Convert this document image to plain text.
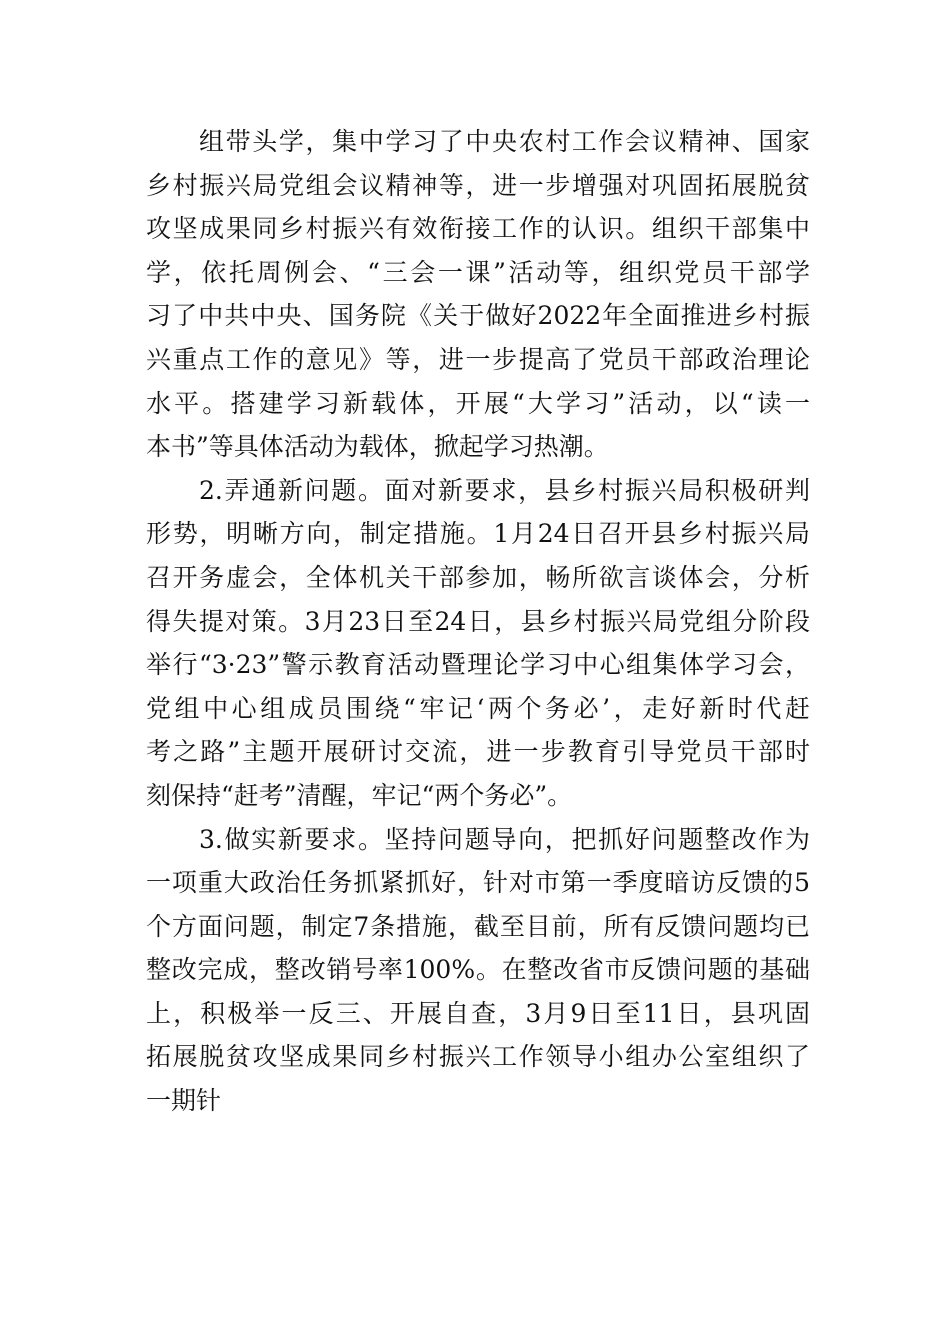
组带头学，集中学习了中央农村工作会议精神、国家
乡村振兴局党组会议精神等，进一步增强对巩固拓展脱贫
攻坚成果同乡村振兴有效衔接工作的认识。组织干部集中
学，依托周例会、“三会一课”活动等，组织党员干部学
习了中共中央、国务院《关于做好2022年全面推进乡村振
兴重点工作的意见》等，进一步提高了党员干部政治理论
水平。搭建学习新载体，开展“大学习”活动，以“读一
本书”等具体活动为载体，掀起学习热潮。
2.弄通新问题。面对新要求，县乡村振兴局积极研判
形势，明晰方向，制定措施。1月24日召开县乡村振兴局
召开务虚会，全体机关干部参加，畅所欲言谈体会，分析
得失提对策。3月23日至24日，县乡村振兴局党组分阶段
举行“3·23”警示教育活动暨理论学习中心组集体学习会，
党组中心组成员围绕“牢记‘两个务必’，走好新时代赶
考之路”主题开展研讨交流，进一步教育引导党员干部时
刻保持“赶考”清醒，牢记“两个务必”。
3.做实新要求。坚持问题导向，把抓好问题整改作为
一项重大政治任务抓紧抓好，针对市第一季度暗访反馈的5
个方面问题，制定7条措施，截至目前，所有反馈问题均已
整改完成，整改销号率100%。在整改省市反馈问题的基础
上，积极举一反三、开展自查，3月9日至11日，县巩固
拓展脱贫攻坚成果同乡村振兴工作领导小组办公室组织了
一期针
